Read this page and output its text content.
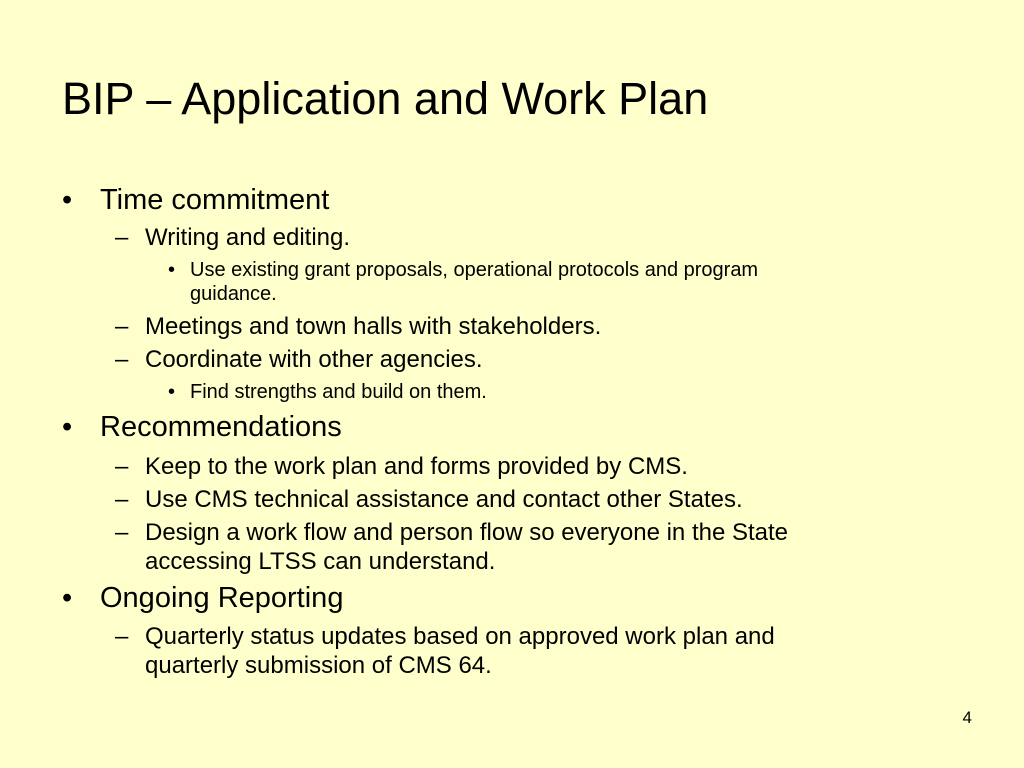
BIP – Application and Work Plan
• Time commitment
– Writing and editing.
• Use existing grant proposals, operational protocols and program
guidance.
– Meetings and town halls with stakeholders.
– Coordinate with other agencies.
• Find strengths and build on them.
• Recommendations
– Keep to the work plan and forms provided by CMS.
– Use CMS technical assistance and contact other States.
– Design a work flow and person flow so everyone in the State
accessing LTSS can understand.
• Ongoing Reporting
– Quarterly status updates based on approved work plan and
quarterly submission of CMS 64.
4
